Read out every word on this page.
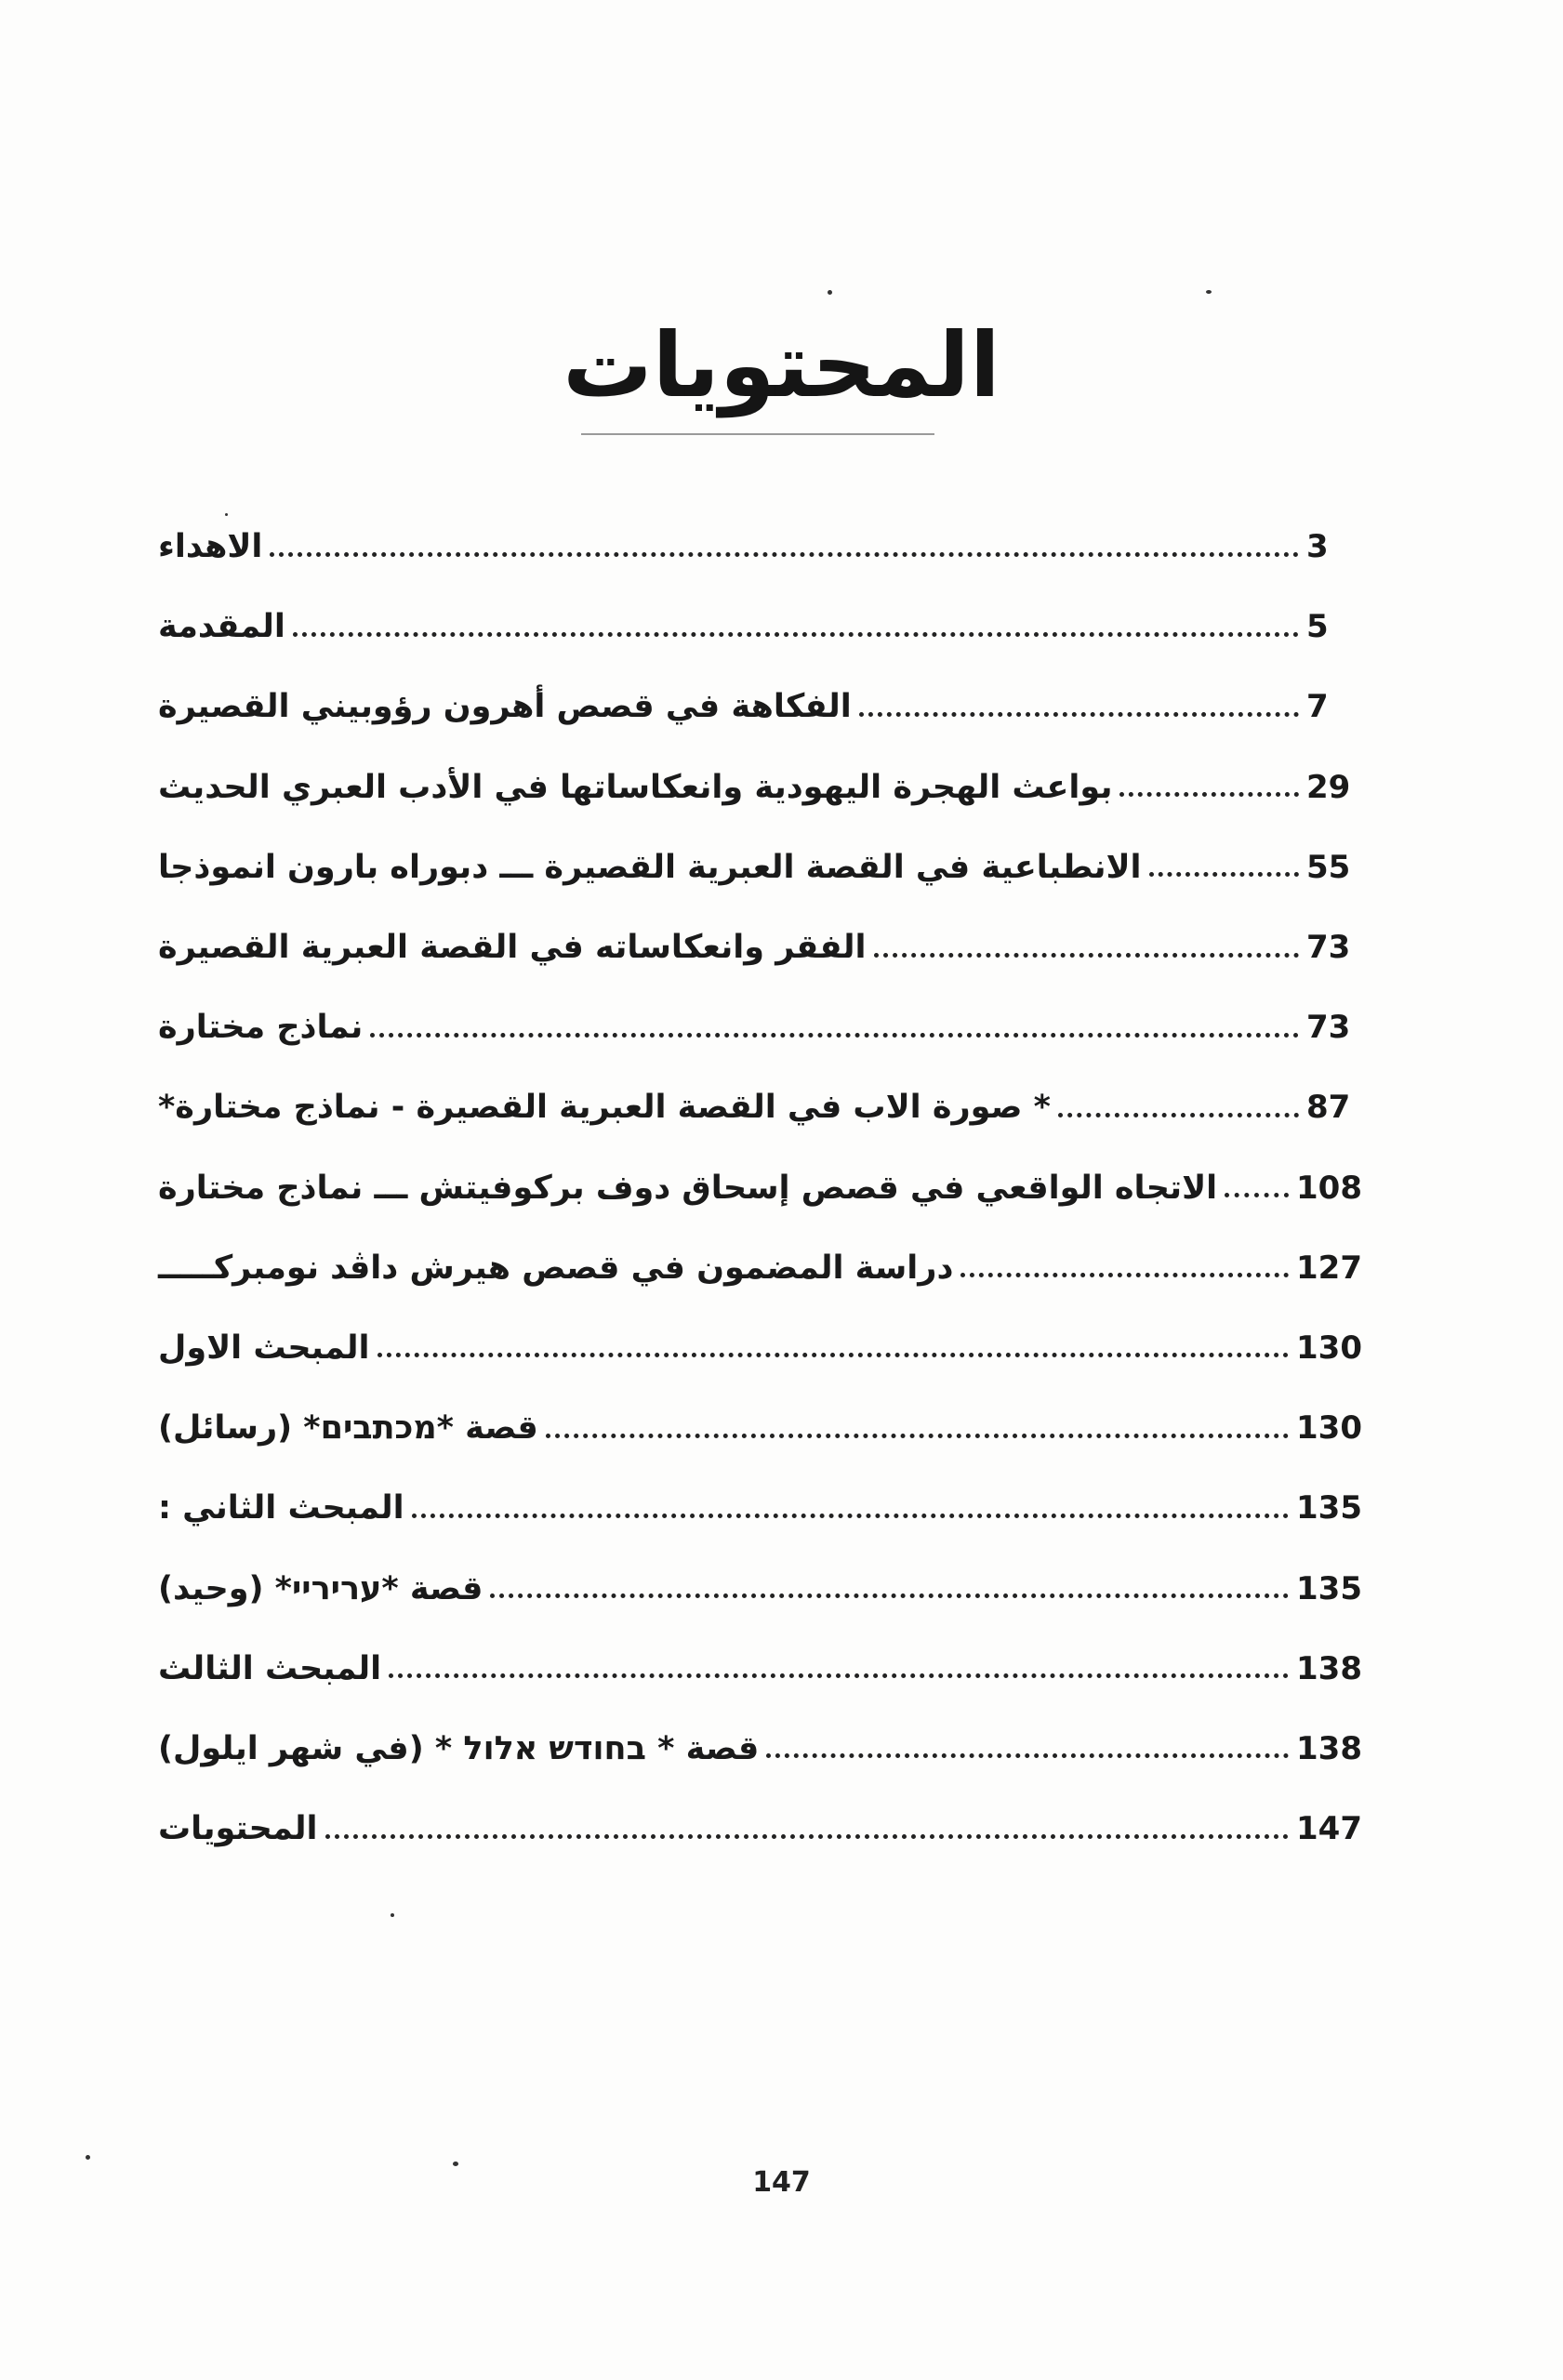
المحتويات
الاهداء	3
المقدمة	5
الفكاهة في قصص أهرون رؤوبيني القصيرة	7
بواعث الهجرة اليهودية وانعكاساتها في الأدب العبري الحديث	29
الانطباعية في القصة العبرية القصيرة ـــ دبوراه بارون انموذجا	55
الفقر وانعكاساته في القصة العبرية القصيرة	73
نماذج مختارة	73
* صورة الاب في القصة العبرية القصيرة - نماذج مختارة*	87
الاتجاه الواقعي في قصص إسحاق دوف بركوفيتش ـــ نماذج مختارة 108
دراسة المضمون في قصص هيرش داڤد نومبركـــــ	127
المبحث الاول	130
قصة *מכתבים* (رسائل)	130
المبحث الثاني :	135
قصة *עריריי* (وحيد)	135
المبحث الثالث	138
قصة * בחודש אלול * (في شهر ايلول)	138
المحتويات	147
147
